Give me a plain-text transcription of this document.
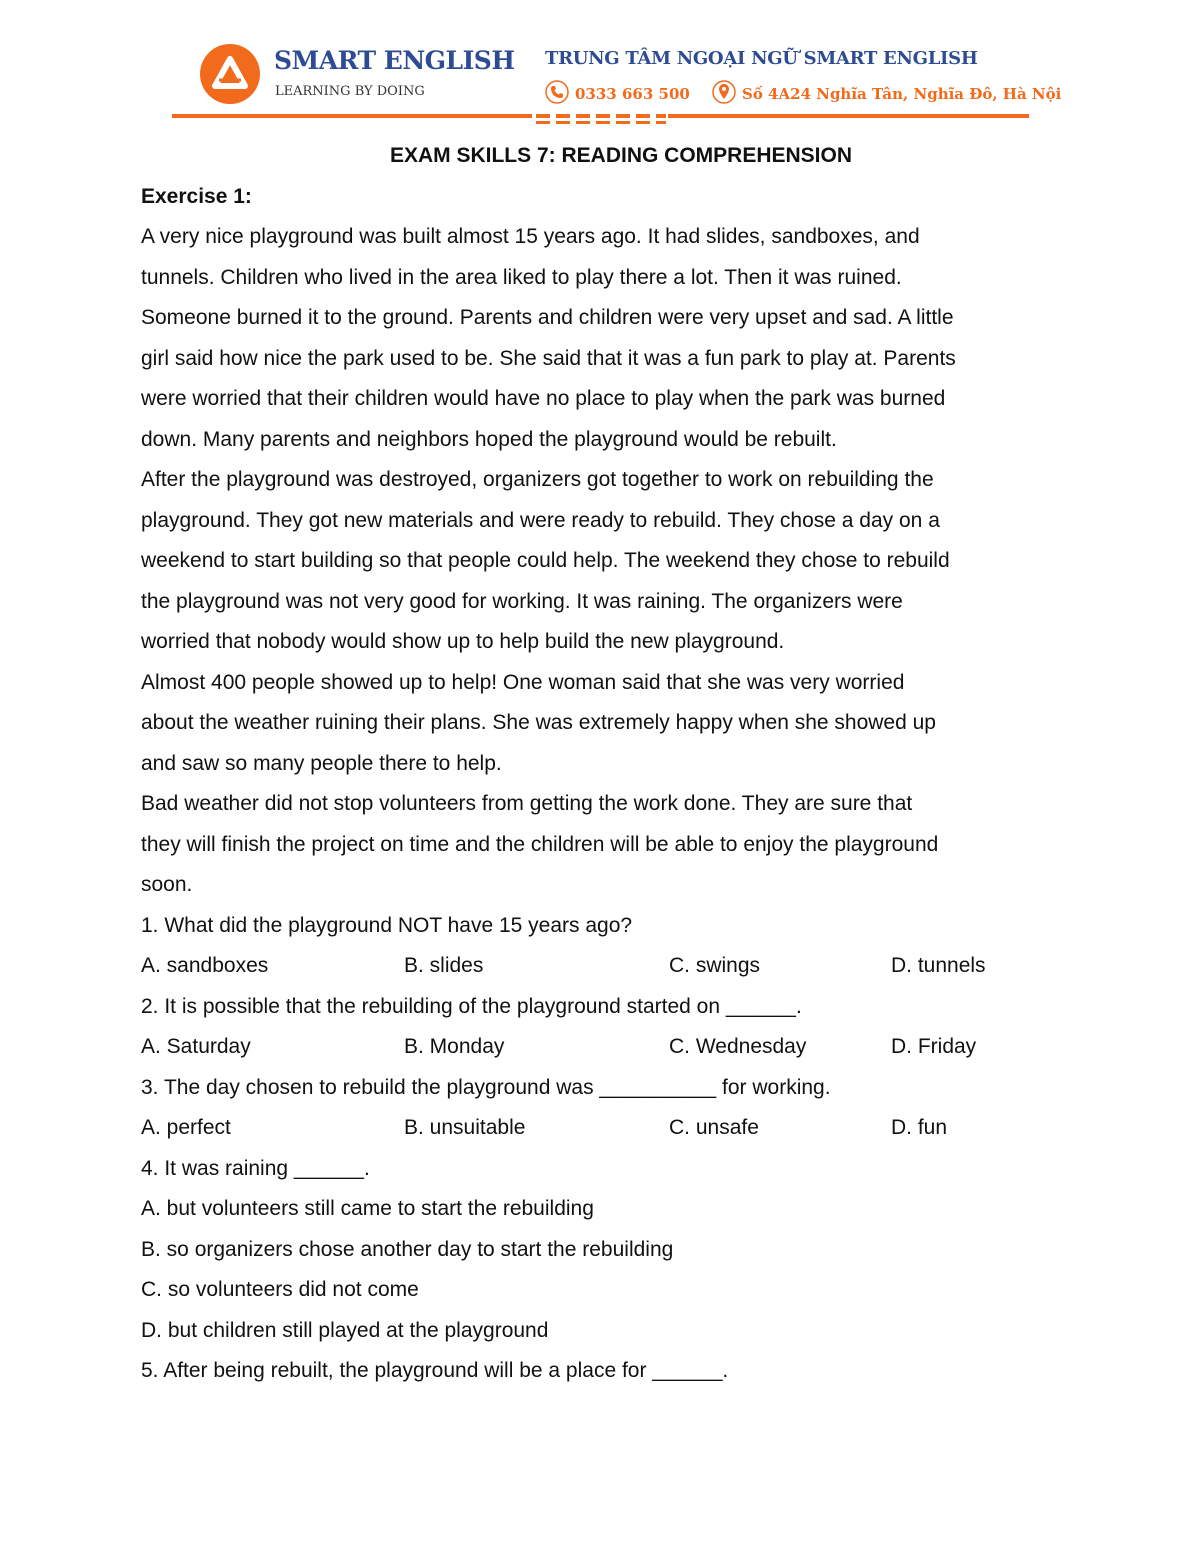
SMART ENGLISH
LEARNING BY DOING
TRUNG TÂM NGOẠI NGỮ SMART ENGLISH
0333 663 500	Số 4A24 Nghĩa Tân, Nghĩa Đô, Hà Nội
EXAM SKILLS 7: READING COMPREHENSION
Exercise 1:
A very nice playground was built almost 15 years ago. It had slides, sandboxes, and
tunnels. Children who lived in the area liked to play there a lot. Then it was ruined.
Someone burned it to the ground. Parents and children were very upset and sad. A little
girl said how nice the park used to be. She said that it was a fun park to play at. Parents
were worried that their children would have no place to play when the park was burned
down. Many parents and neighbors hoped the playground would be rebuilt.
After the playground was destroyed, organizers got together to work on rebuilding the
playground. They got new materials and were ready to rebuild. They chose a day on a
weekend to start building so that people could help. The weekend they chose to rebuild
the playground was not very good for working. It was raining. The organizers were
worried that nobody would show up to help build the new playground.
Almost 400 people showed up to help! One woman said that she was very worried
about the weather ruining their plans. She was extremely happy when she showed up
and saw so many people there to help.
Bad weather did not stop volunteers from getting the work done. They are sure that
they will finish the project on time and the children will be able to enjoy the playground
soon.
1. What did the playground NOT have 15 years ago?
A. sandboxes	B. slides	C. swings	D. tunnels
2. It is possible that the rebuilding of the playground started on ______.
A. Saturday	B. Monday	C. Wednesday	D. Friday
3. The day chosen to rebuild the playground was __________ for working.
A. perfect	B. unsuitable	C. unsafe	D. fun
4. It was raining ______.
A. but volunteers still came to start the rebuilding
B. so organizers chose another day to start the rebuilding
C. so volunteers did not come
D. but children still played at the playground
5. After being rebuilt, the playground will be a place for ______.
